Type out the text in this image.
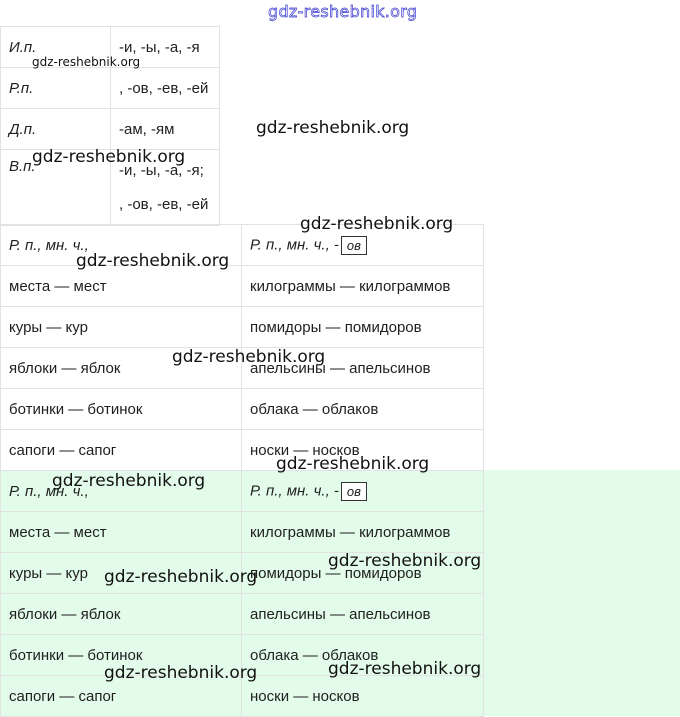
gdz-reshebnik.org
И.п.	-и, -ы, -а, -я
Р.п.	, -ов, -ев, -ей
Д.п.	-ам, -ям
В.п.	-и, -ы, -а, -я;
, -ов, -ев, -ей
Р. п., мн. ч.,	Р. п., мн. ч., - ов
места — мест	килограммы — килограммов
куры — кур	помидоры — помидоров
яблоки — яблок	апельсины — апельсинов
ботинки — ботинок	облака — облаков
сапоги — сапог	носки — носков
Р. п., мн. ч.,	Р. п., мн. ч., - ов
места — мест	килограммы — килограммов
куры — кур	помидоры — помидоров
яблоки — яблок	апельсины — апельсинов
ботинки — ботинок	облака — облаков
сапоги — сапог	носки — носков
gdz-reshebnik.org
gdz-reshebnik.org
gdz-reshebnik.org
gdz-reshebnik.org
gdz-reshebnik.org
gdz-reshebnik.org
gdz-reshebnik.org
gdz-reshebnik.org
gdz-reshebnik.org
gdz-reshebnik.org
gdz-reshebnik.org
gdz-reshebnik.org
